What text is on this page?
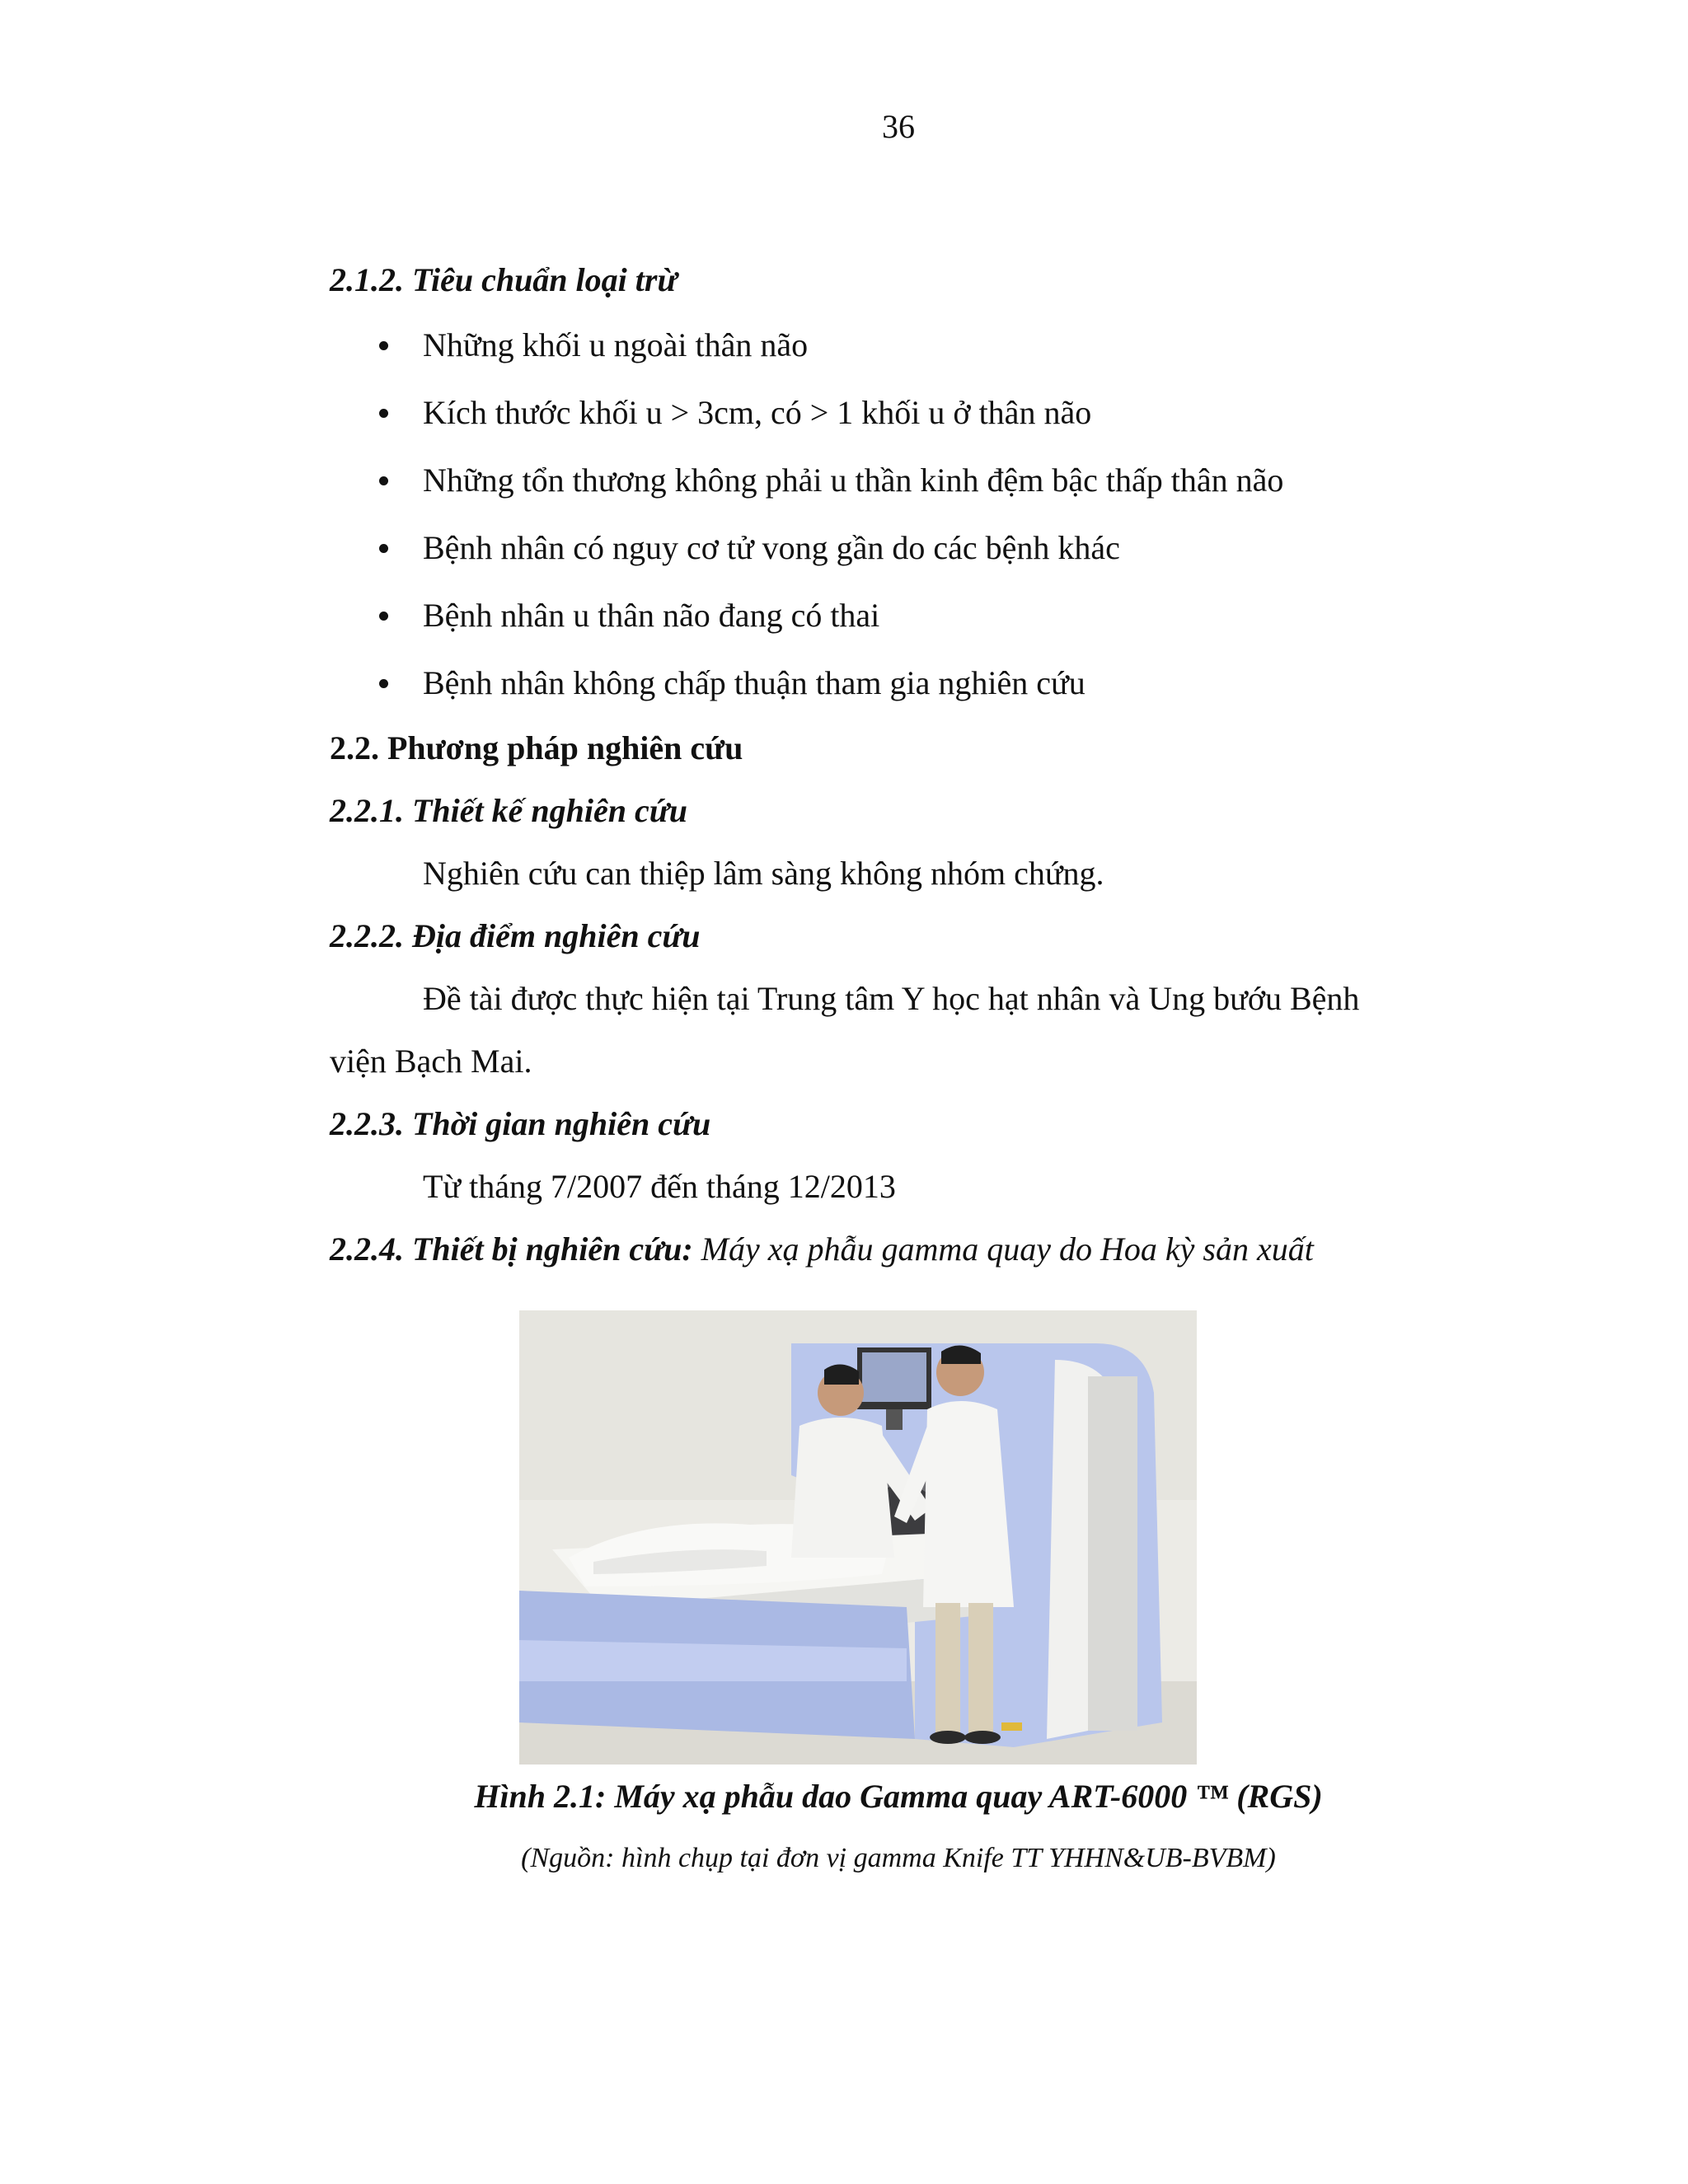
36

2.1.2. Tiêu chuẩn loại trừ

Những khối u ngoài thân não
Kích thước khối u > 3cm, có > 1 khối u ở thân não
Những tổn thương không phải u thần kinh đệm bậc thấp thân não
Bệnh nhân có nguy cơ tử vong gần do các bệnh khác
Bệnh nhân u thân não đang có thai
Bệnh nhân không chấp thuận tham gia nghiên cứu

2.2. Phương pháp nghiên cứu

2.2.1. Thiết kế nghiên cứu

Nghiên cứu can thiệp lâm sàng không nhóm chứng.

2.2.2. Địa điểm nghiên cứu

Đề tài được thực hiện tại Trung tâm Y học hạt nhân và Ung bướu Bệnh
viện Bạch Mai.

2.2.3. Thời gian nghiên cứu

Từ tháng 7/2007 đến tháng 12/2013

2.2.4. Thiết bị nghiên cứu: Máy xạ phẫu gamma quay do Hoa kỳ sản xuất

Hình 2.1: Máy xạ phẫu dao Gamma quay ART-6000 ™ (RGS)
(Nguồn: hình chụp tại đơn vị gamma Knife TT YHHN&UB-BVBM)
